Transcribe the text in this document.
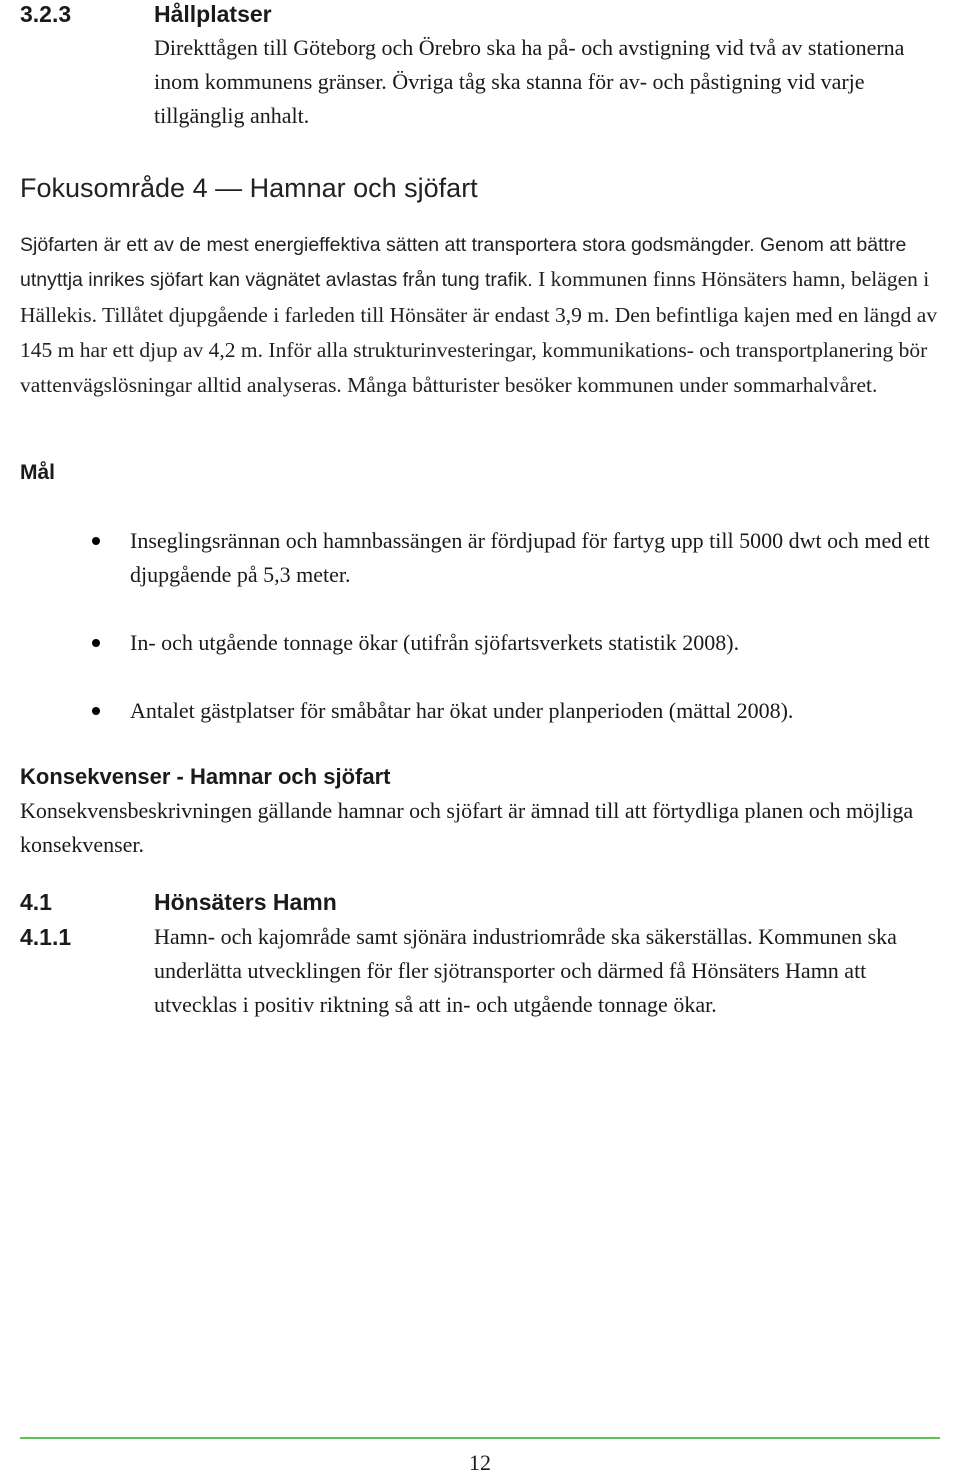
3.2.3	Hållplatser
Direkttågen till Göteborg och Örebro ska ha på- och avstigning vid två av stationerna inom kommunens gränser. Övriga tåg ska stanna för av- och påstigning vid varje tillgänglig anhalt.
Fokusområde 4 — Hamnar och sjöfart
Sjöfarten är ett av de mest energieffektiva sätten att transportera stora godsmängder. Genom att bättre utnyttja inrikes sjöfart kan vägnätet avlastas från tung trafik. I kommunen finns Hönsäters hamn, belägen i Hällekis. Tillåtet djupgående i farleden till Hönsäter är endast 3,9 m. Den befintliga kajen med en längd av 145 m har ett djup av 4,2 m. Inför alla strukturinvesteringar, kommunikations- och transportplanering bör vattenvägslösningar alltid analyseras. Många båtturister besöker kommunen under sommarhalvåret.
Mål
Inseglingsrännan och hamnbassängen är fördjupad för fartyg upp till 5000 dwt och med ett djupgående på 5,3 meter.
In- och utgående tonnage ökar (utifrån sjöfartsverkets statistik 2008).
Antalet gästplatser för småbåtar har ökat under planperioden (mättal 2008).
Konsekvenser - Hamnar och sjöfart
Konsekvensbeskrivningen gällande hamnar och sjöfart är ämnad till att förtydliga planen och möjliga konsekvenser.
4.1	Hönsäters Hamn
4.1.1	Hamn- och kajområde samt sjönära industriområde ska säkerställas. Kommunen ska underlätta utvecklingen för fler sjötransporter och därmed få Hönsäters Hamn att utvecklas i positiv riktning så att in- och utgående tonnage ökar.
12
